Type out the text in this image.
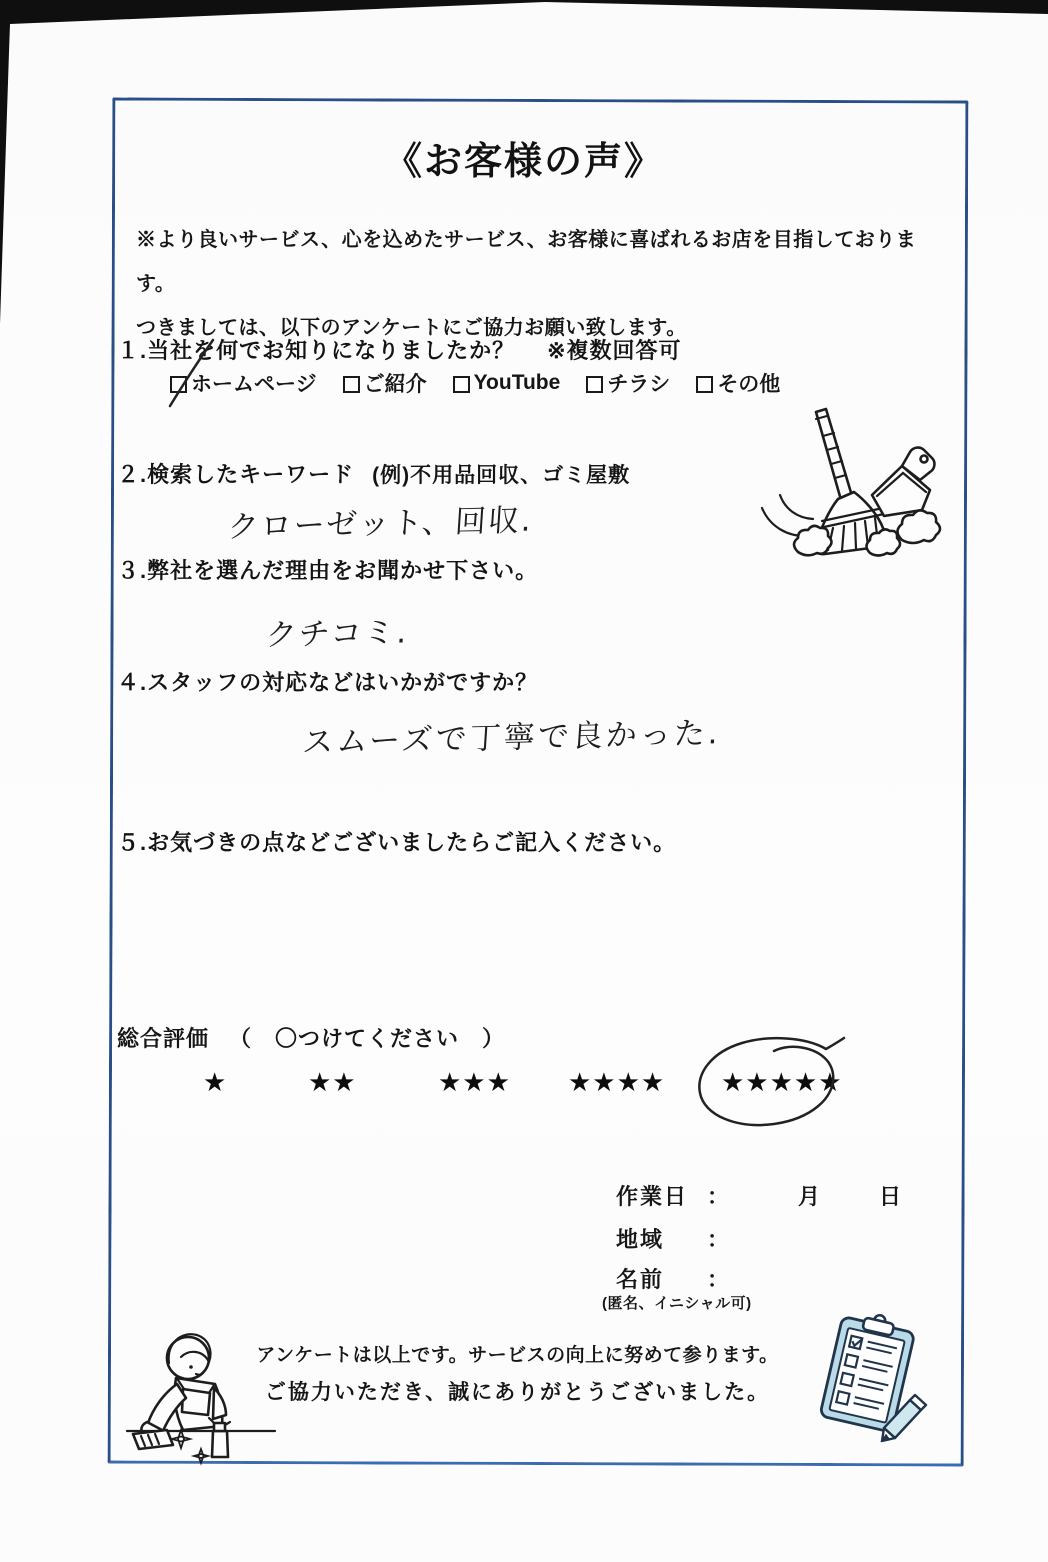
《お客様の声》
※より良いサービス、心を込めたサービス、お客様に喜ばれるお店を目指しております。
つきましては、以下のアンケートにご協力お願い致します。
１.当社を何でお知りになりましたか？ ※複数回答可
ホームページ ご紹介 YouTube チラシ その他
２.検索したキーワード (例)不用品回収、ゴミ屋敷
クローゼット、回収.
３.弊社を選んだ理由をお聞かせ下さい。
クチコミ.
４.スタッフの対応などはいかがですか？
スムーズで丁寧で良かった.
５.お気づきの点などございましたらご記入ください。
総合評価 （　〇つけてください　）
★	★★	★★★ ★★★★ ★★★★★
作業日 ：	月	日
地域 ：
名前 ：
(匿名、イニシャル可)
アンケートは以上です。サービスの向上に努めて参ります。
ご協力いただき、誠にありがとうございました。
